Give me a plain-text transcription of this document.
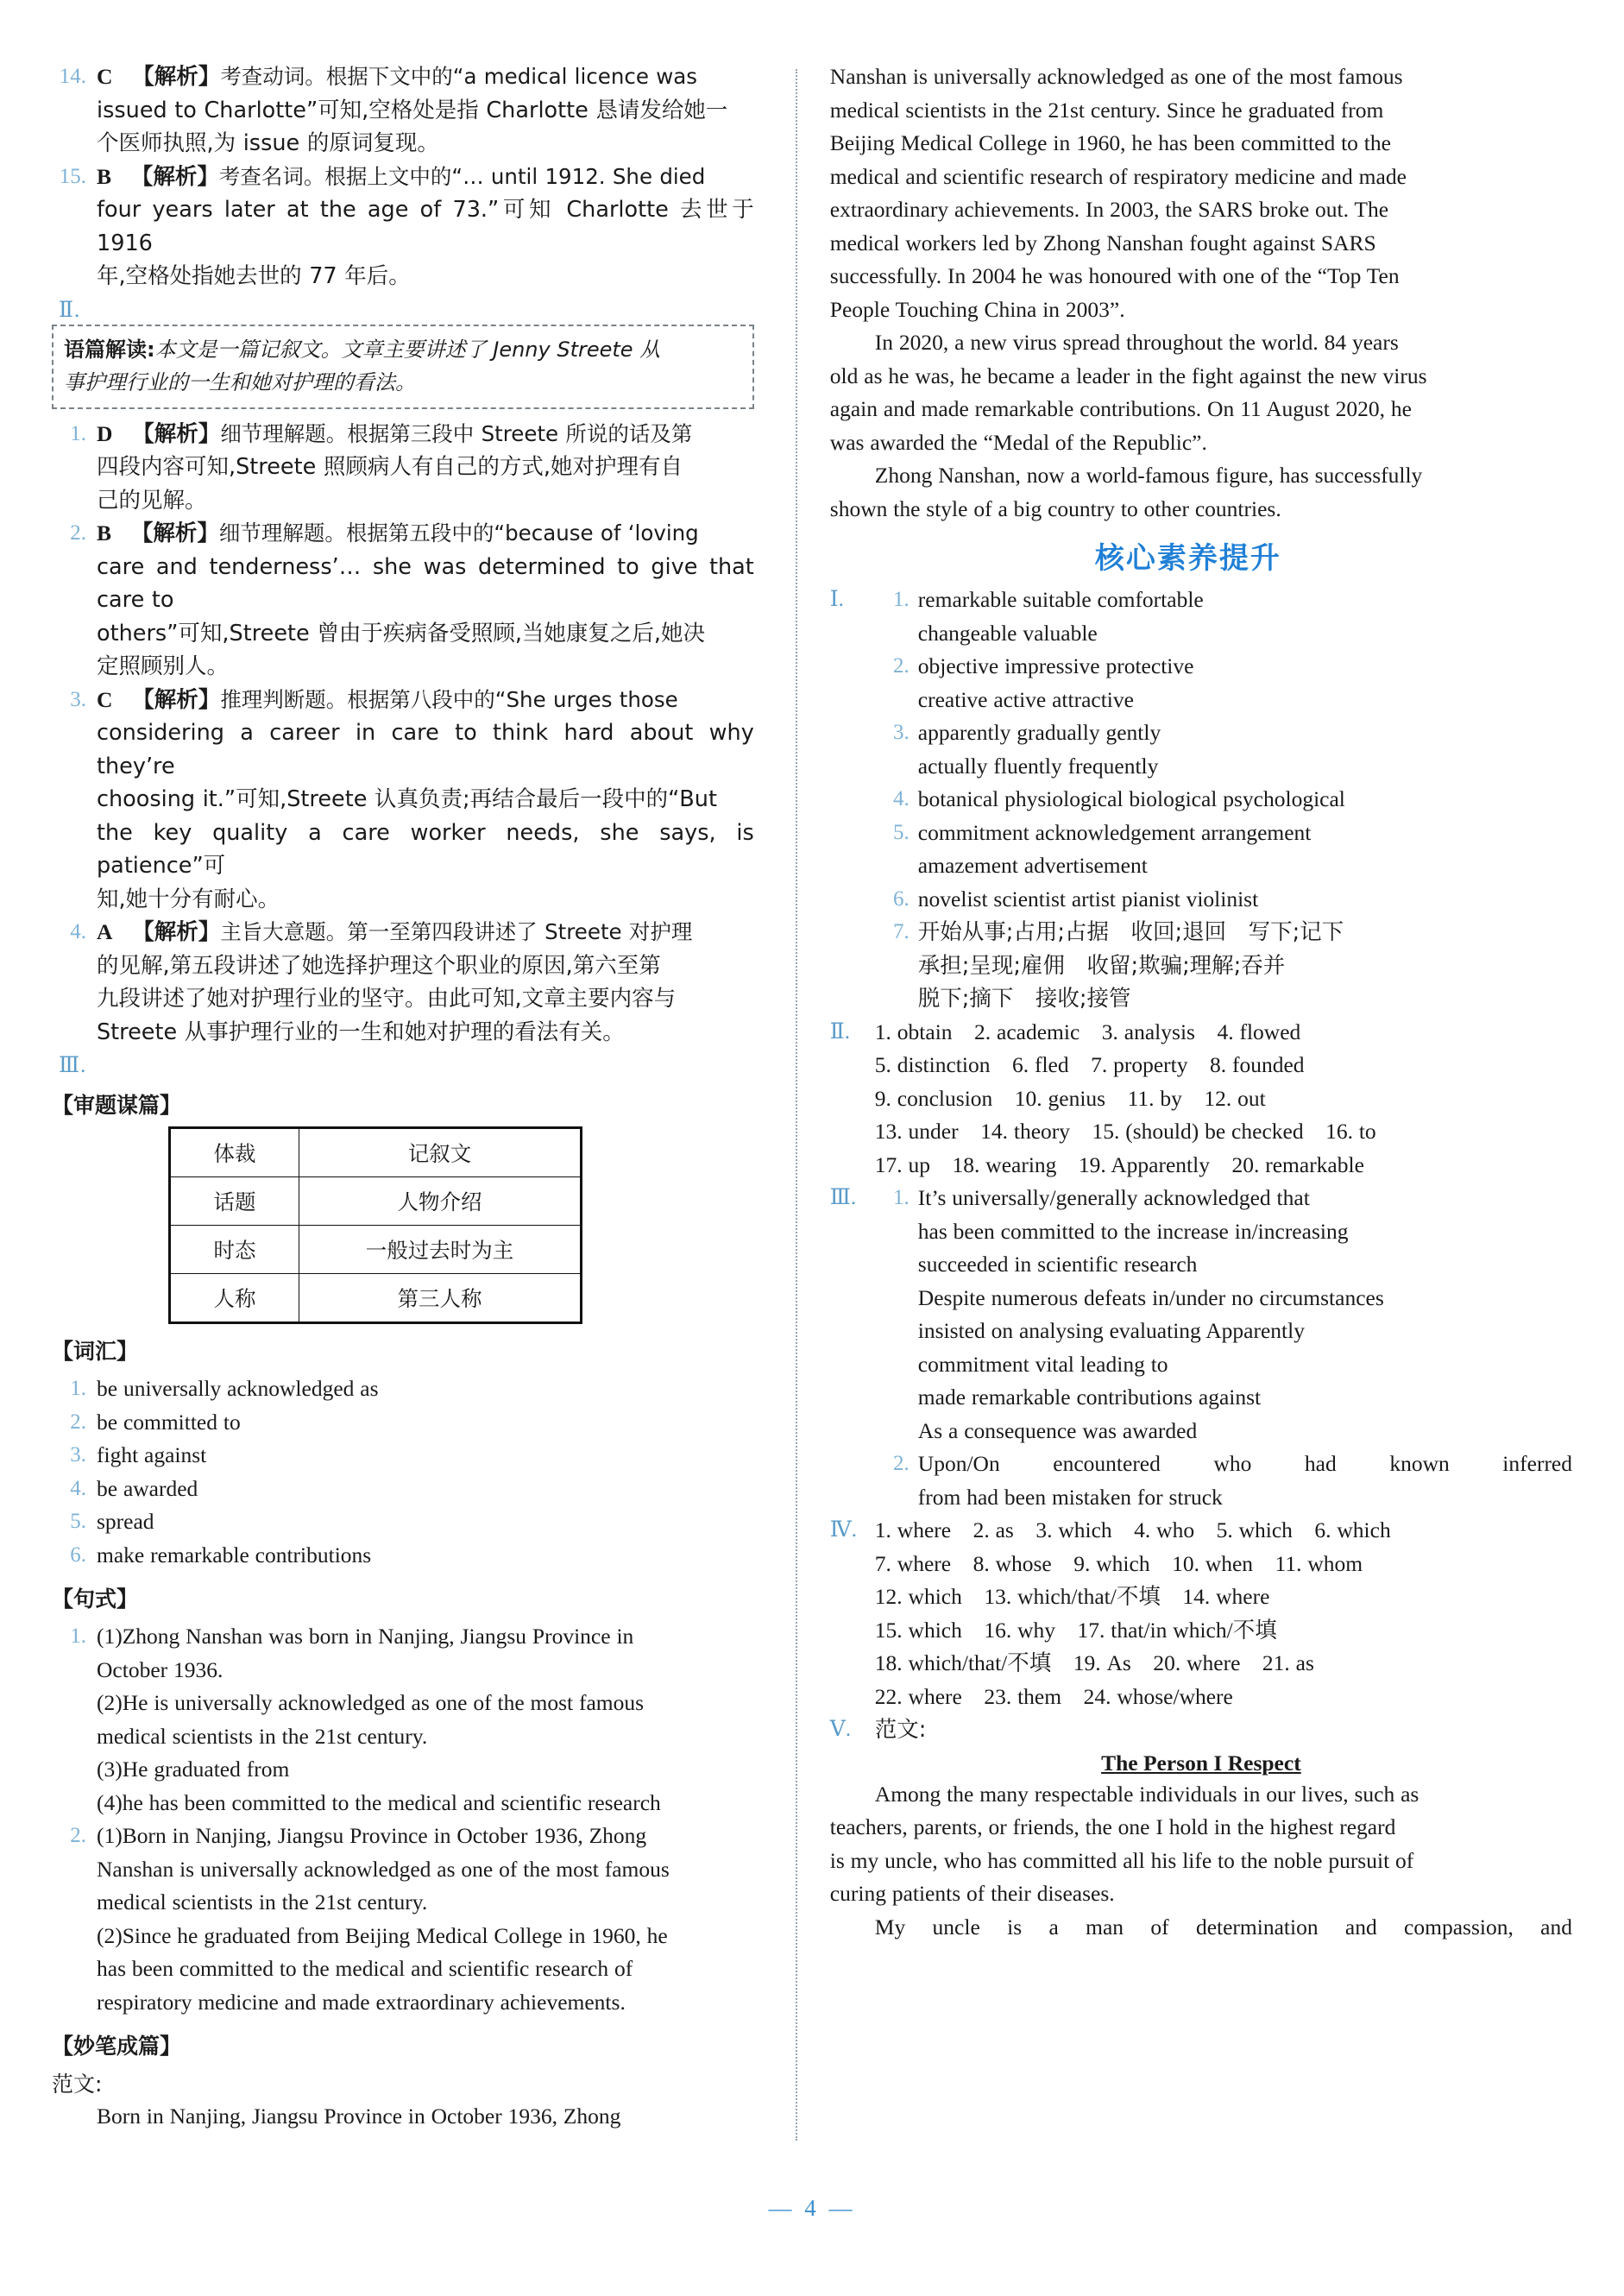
14. C 【解析】考查动词。根据下文中的“a medical licence was
issued to Charlotte”可知,空格处是指 Charlotte 恳请发给她一
个医师执照,为 issue 的原词复现。
15. B 【解析】考查名词。根据上文中的“… until 1912. She died
four years later at the age of 73.”可知 Charlotte 去世于 1916
年,空格处指她去世的 77 年后。
Ⅱ.
语篇解读:本文是一篇记叙文。文章主要讲述了 Jenny Streete 从
事护理行业的一生和她对护理的看法。
1. D 【解析】细节理解题。根据第三段中 Streete 所说的话及第
四段内容可知,Streete 照顾病人有自己的方式,她对护理有自
己的见解。
2. B 【解析】细节理解题。根据第五段中的“because of ‘loving
care and tenderness’… she was determined to give that care to
others”可知,Streete 曾由于疾病备受照顾,当她康复之后,她决
定照顾别人。
3. C 【解析】推理判断题。根据第八段中的“She urges those
considering a career in care to think hard about why they’re
choosing it.”可知,Streete 认真负责;再结合最后一段中的“But
the key quality a care worker needs, she says, is patience”可
知,她十分有耐心。
4. A 【解析】主旨大意题。第一至第四段讲述了 Streete 对护理
的见解,第五段讲述了她选择护理这个职业的原因,第六至第
九段讲述了她对护理行业的坚守。由此可知,文章主要内容与
Streete 从事护理行业的一生和她对护理的看法有关。
Ⅲ.
【审题谋篇】
体裁	记叙文
话题	人物介绍
时态	一般过去时为主
人称	第三人称
【词汇】
1. be universally acknowledged as
2. be committed to
3. fight against
4. be awarded
5. spread
6. make remarkable contributions
【句式】
1. (1)Zhong Nanshan was born in Nanjing, Jiangsu Province in
October 1936.
(2)He is universally acknowledged as one of the most famous
medical scientists in the 21st century.
(3)He graduated from
(4)he has been committed to the medical and scientific research
2. (1)Born in Nanjing, Jiangsu Province in October 1936, Zhong
Nanshan is universally acknowledged as one of the most famous
medical scientists in the 21st century.
(2)Since he graduated from Beijing Medical College in 1960, he
has been committed to the medical and scientific research of
respiratory medicine and made extraordinary achievements.
【妙笔成篇】
范文:
Born in Nanjing, Jiangsu Province in October 1936, Zhong
Nanshan is universally acknowledged as one of the most famous
medical scientists in the 21st century. Since he graduated from
Beijing Medical College in 1960, he has been committed to the
medical and scientific research of respiratory medicine and made
extraordinary achievements. In 2003, the SARS broke out. The
medical workers led by Zhong Nanshan fought against SARS
successfully. In 2004 he was honoured with one of the “Top Ten
People Touching China in 2003”.
In 2020, a new virus spread throughout the world. 84 years
old as he was, he became a leader in the fight against the new virus
again and made remarkable contributions. On 11 August 2020, he
was awarded the “Medal of the Republic”.
Zhong Nanshan, now a world-famous figure, has successfully
shown the style of a big country to other countries.
核心素养提升
Ⅰ.	1. remarkable suitable comfortable
changeable valuable
2. objective impressive protective
creative active attractive
3. apparently gradually gently
actually fluently frequently
4. botanical physiological biological psychological
5. commitment acknowledgement arrangement
amazement advertisement
6. novelist scientist artist pianist violinist
7. 开始从事;占用;占据　收回;退回　写下;记下
承担;呈现;雇佣　收留;欺骗;理解;吞并
脱下;摘下　接收;接管
Ⅱ.	1. obtain　2. academic　3. analysis　4. flowed
5. distinction　6. fled　7. property　8. founded
9. conclusion　10. genius　11. by　12. out
13. under　14. theory　15. (should) be checked　16. to
17. up　18. wearing　19. Apparently　20. remarkable
Ⅲ.	1. It’s universally/generally acknowledged that
has been committed to the increase in/increasing
succeeded in scientific research
Despite numerous defeats in/under no circumstances
insisted on analysing evaluating Apparently
commitment vital leading to
made remarkable contributions against
As a consequence was awarded
2. Upon/On encountered who had known inferred
from had been mistaken for struck
Ⅳ. 1. where　2. as　3. which　4. who　5. which　6. which
7. where　8. whose　9. which　10. when　11. whom
12. which　13. which/that/不填　14. where
15. which　16. why　17. that/in which/不填
18. which/that/不填　19. As　20. where　21. as
22. where　23. them　24. whose/where
Ⅴ.	范文:
The Person I Respect
Among the many respectable individuals in our lives, such as
teachers, parents, or friends, the one I hold in the highest regard
is my uncle, who has committed all his life to the noble pursuit of
curing patients of their diseases.
My uncle is a man of determination and compassion, and
— 4 —
